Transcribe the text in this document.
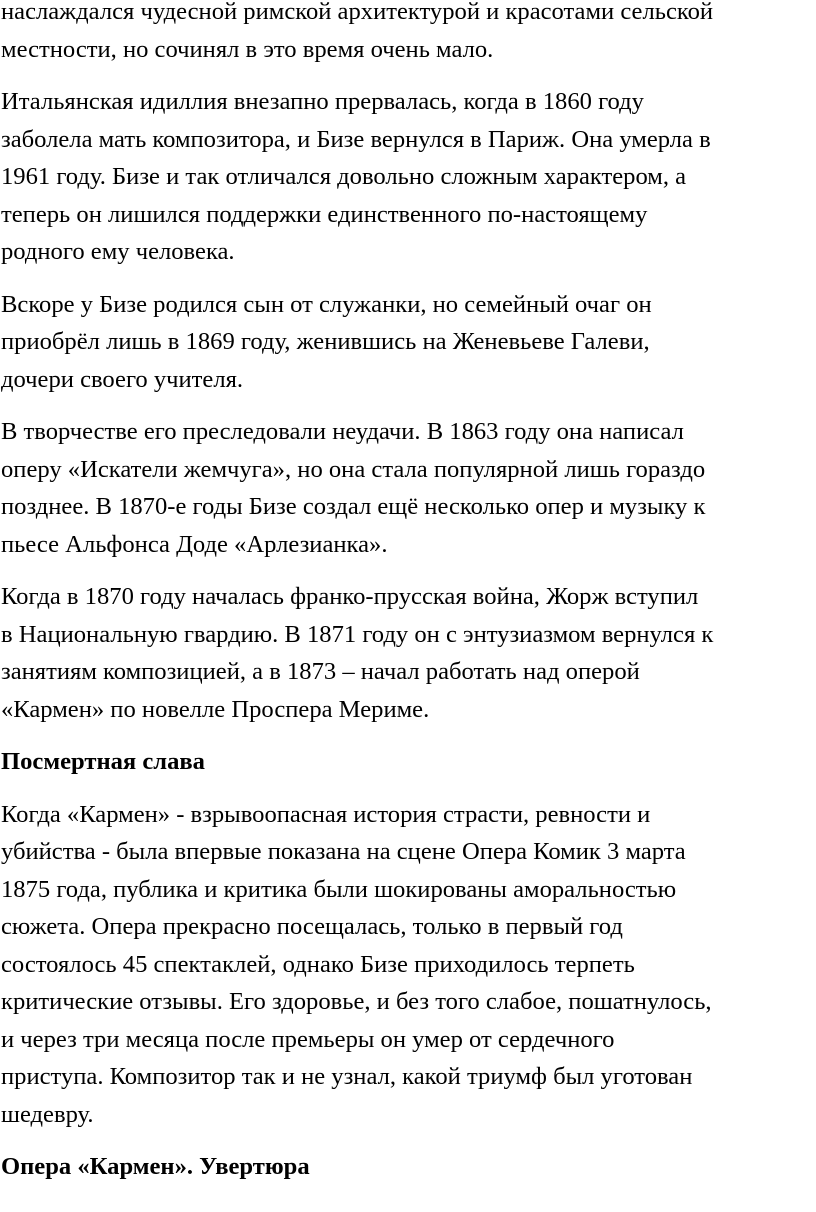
наслаждался чудесной римской архитектурой и красотами сельской
местности, но сочинял в это время очень мало.
Итальянская идиллия внезапно прервалась, когда в 1860 году
заболела мать композитора, и Бизе вернулся в Париж. Она умерла в
1961 году. Бизе и так отличался довольно сложным характером, а
теперь он лишился поддержки единственного по-настоящему
родного ему человека.
Вскоре у Бизе родился сын от служанки, но семейный очаг он
приобрёл лишь в 1869 году, женившись на Женевьеве Галеви,
дочери своего учителя.
В творчестве его преследовали неудачи. В 1863 году она написал
оперу «Искатели жемчуга», но она стала популярной лишь гораздо
позднее. В 1870-е годы Бизе создал ещё несколько опер и музыку к
пьесе Альфонса Доде «Арлезианка».
Когда в 1870 году началась франко-прусская война, Жорж вступил
в Национальную гвардию. В 1871 году он с энтузиазмом вернулся к
занятиям композицией, а в 1873 – начал работать над оперой
«Кармен» по новелле Проспера Мериме.
Посмертная слава
Когда «Кармен» - взрывоопасная история страсти, ревности и
убийства - была впервые показана на сцене Опера Комик 3 марта
1875 года, публика и критика были шокированы аморальностью
сюжета. Опера прекрасно посещалась, только в первый год
состоялось 45 спектаклей, однако Бизе приходилось терпеть
критические отзывы. Его здоровье, и без того слабое, пошатнулось,
и через три месяца после премьеры он умер от сердечного
приступа. Композитор так и не узнал, какой триумф был уготован
шедевру.
Опера «Кармен». Увертюра
